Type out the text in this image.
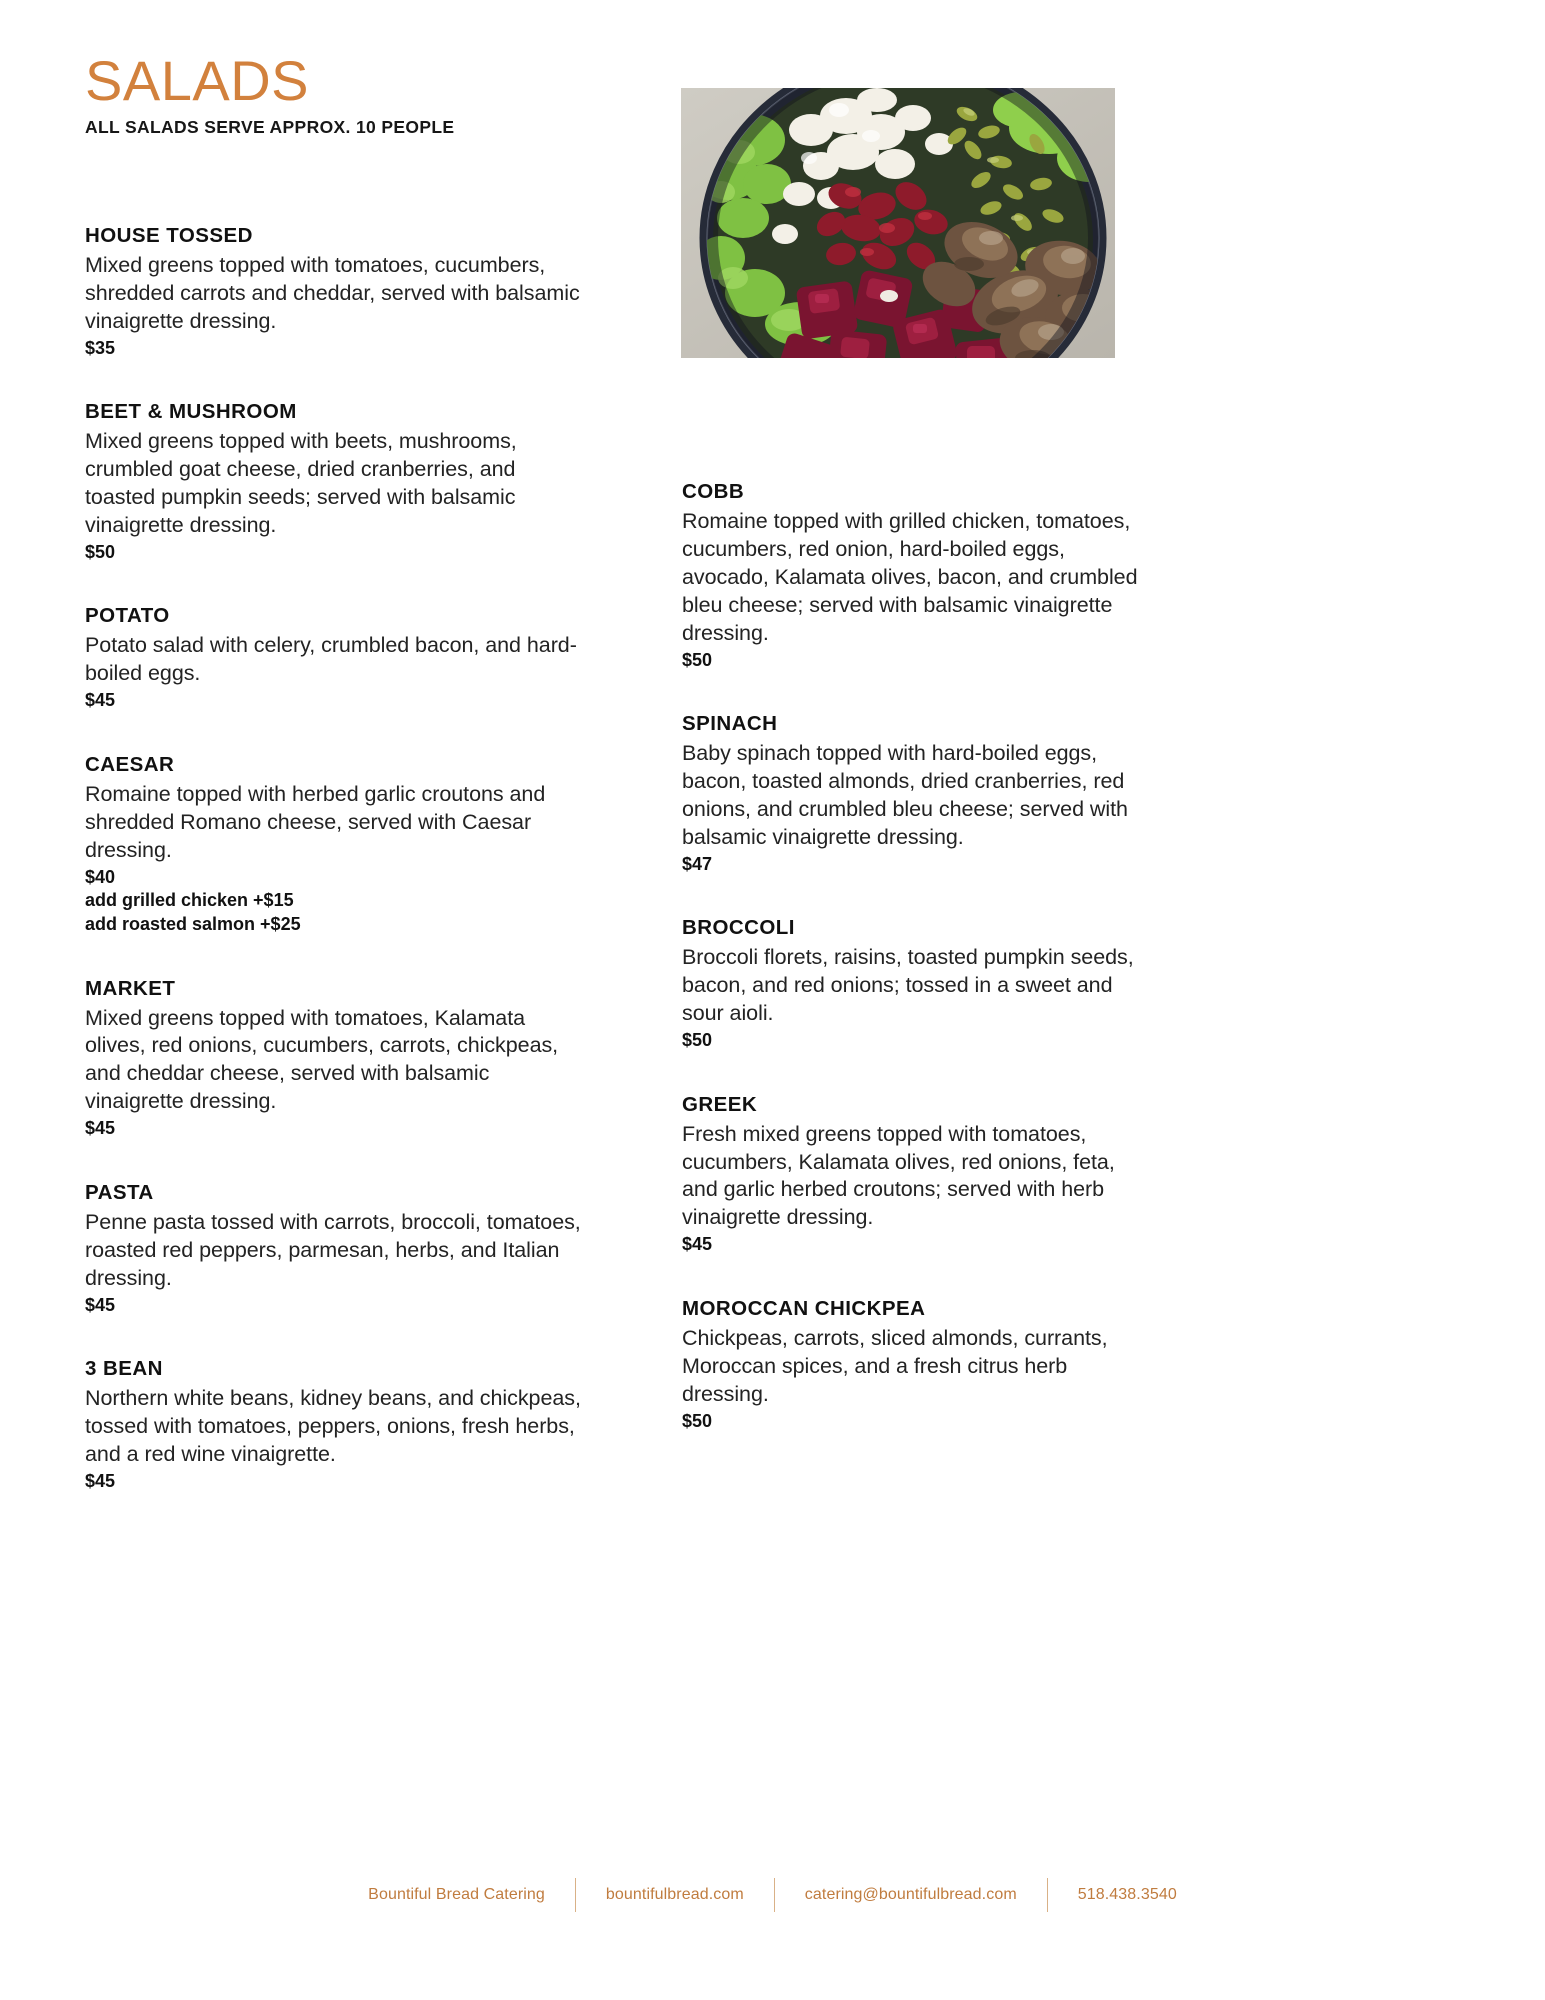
SALADS

ALL SALADS SERVE APPROX. 10 PEOPLE

HOUSE TOSSED

Mixed greens topped with tomatoes, cucumbers, shredded carrots and cheddar, served with balsamic vinaigrette dressing.

$35

BEET & MUSHROOM

Mixed greens topped with beets, mushrooms, crumbled goat cheese, dried cranberries, and toasted pumpkin seeds; served with balsamic vinaigrette dressing.

$50

POTATO

Potato salad with celery, crumbled bacon, and hard-boiled eggs.

$45

CAESAR

Romaine topped with herbed garlic croutons and shredded Romano cheese, served with Caesar dressing.

$40

add grilled chicken +$15

add roasted salmon +$25

MARKET

Mixed greens topped with tomatoes, Kalamata olives, red onions, cucumbers, carrots, chickpeas, and cheddar cheese, served with balsamic vinaigrette dressing.

$45

PASTA

Penne pasta tossed with carrots, broccoli, tomatoes, roasted red peppers, parmesan, herbs, and Italian dressing.

$45

3 BEAN

Northern white beans, kidney beans, and chickpeas, tossed with tomatoes, peppers, onions, fresh herbs, and a red wine vinaigrette.

$45

COBB

Romaine topped with grilled chicken, tomatoes, cucumbers, red onion, hard-boiled eggs, avocado, Kalamata olives, bacon, and crumbled bleu cheese; served with balsamic vinaigrette dressing.

$50

SPINACH

Baby spinach topped with hard-boiled eggs, bacon, toasted almonds, dried cranberries, red onions, and crumbled bleu cheese; served with balsamic vinaigrette dressing.

$47

BROCCOLI

Broccoli florets, raisins, toasted pumpkin seeds, bacon, and red onions; tossed in a sweet and sour aioli.

$50

GREEK

Fresh mixed greens topped with tomatoes, cucumbers, Kalamata olives, red onions, feta, and garlic herbed croutons; served with herb vinaigrette dressing.

$45

MOROCCAN CHICKPEA

Chickpeas, carrots, sliced almonds, currants, Moroccan spices, and a fresh citrus herb dressing.

$50

Bountiful Bread Catering	bountifulbread.com	catering@bountifulbread.com	518.438.3540
